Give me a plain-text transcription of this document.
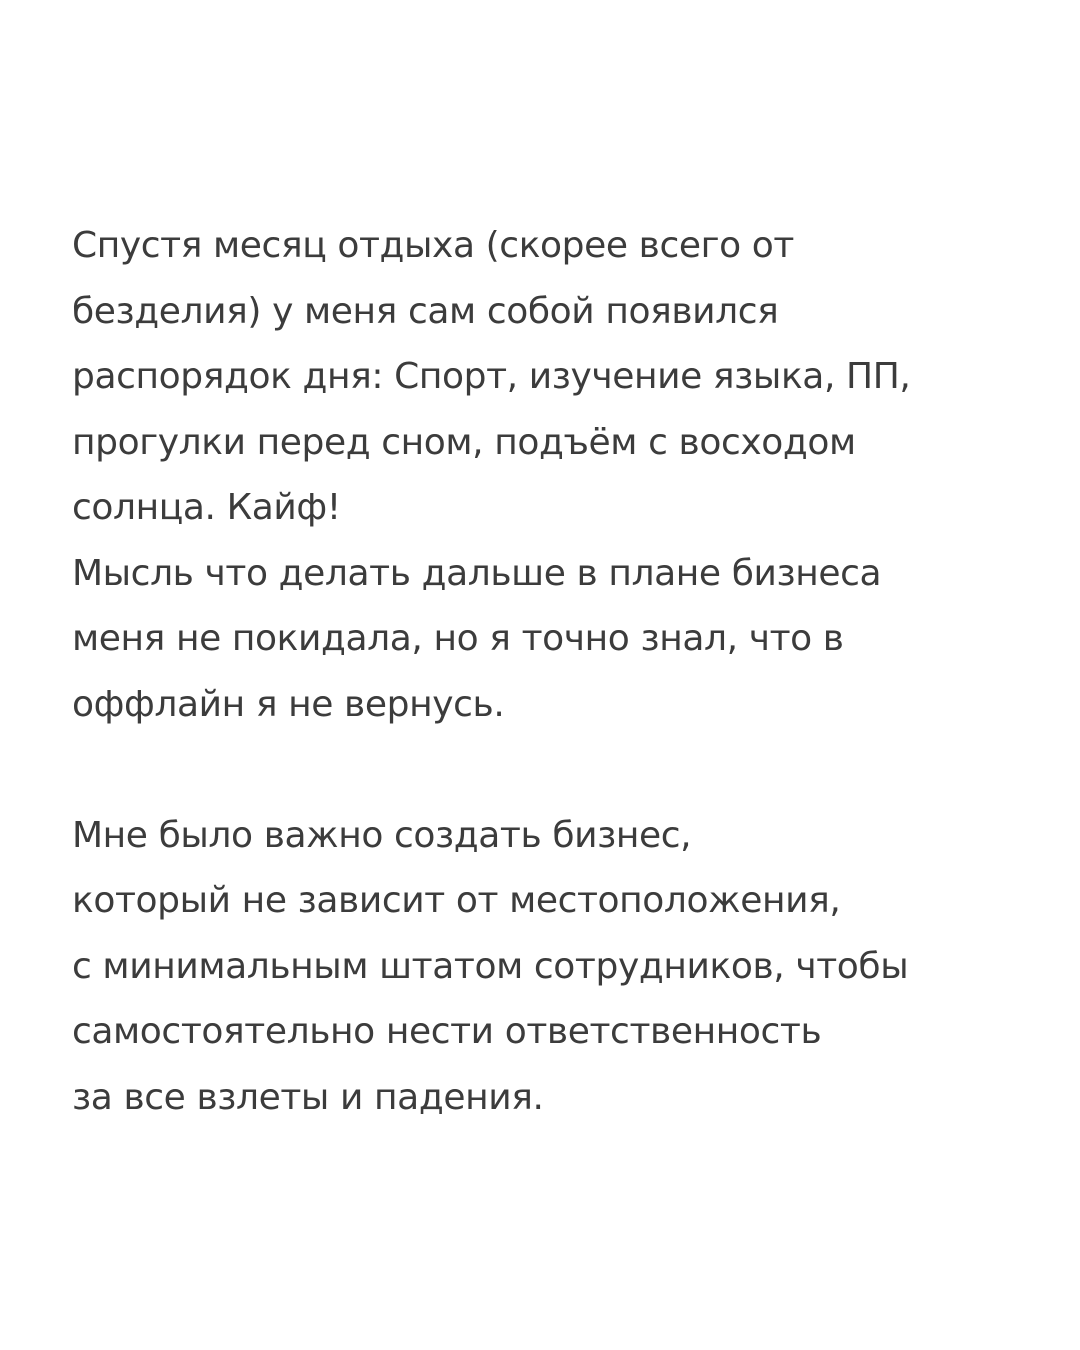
Спустя месяц отдыха (скорее всего от
безделия) у меня сам собой появился
распорядок дня: Спорт, изучение языка, ПП,
прогулки перед сном, подъём с восходом
солнца. Кайф!
Мысль что делать дальше в плане бизнеса
меня не покидала, но я точно знал, что в
оффлайн я не вернусь.
Мне было важно создать бизнес,
который не зависит от местоположения,
с минимальным штатом сотрудников, чтобы
самостоятельно нести ответственность
за все взлеты и падения.
